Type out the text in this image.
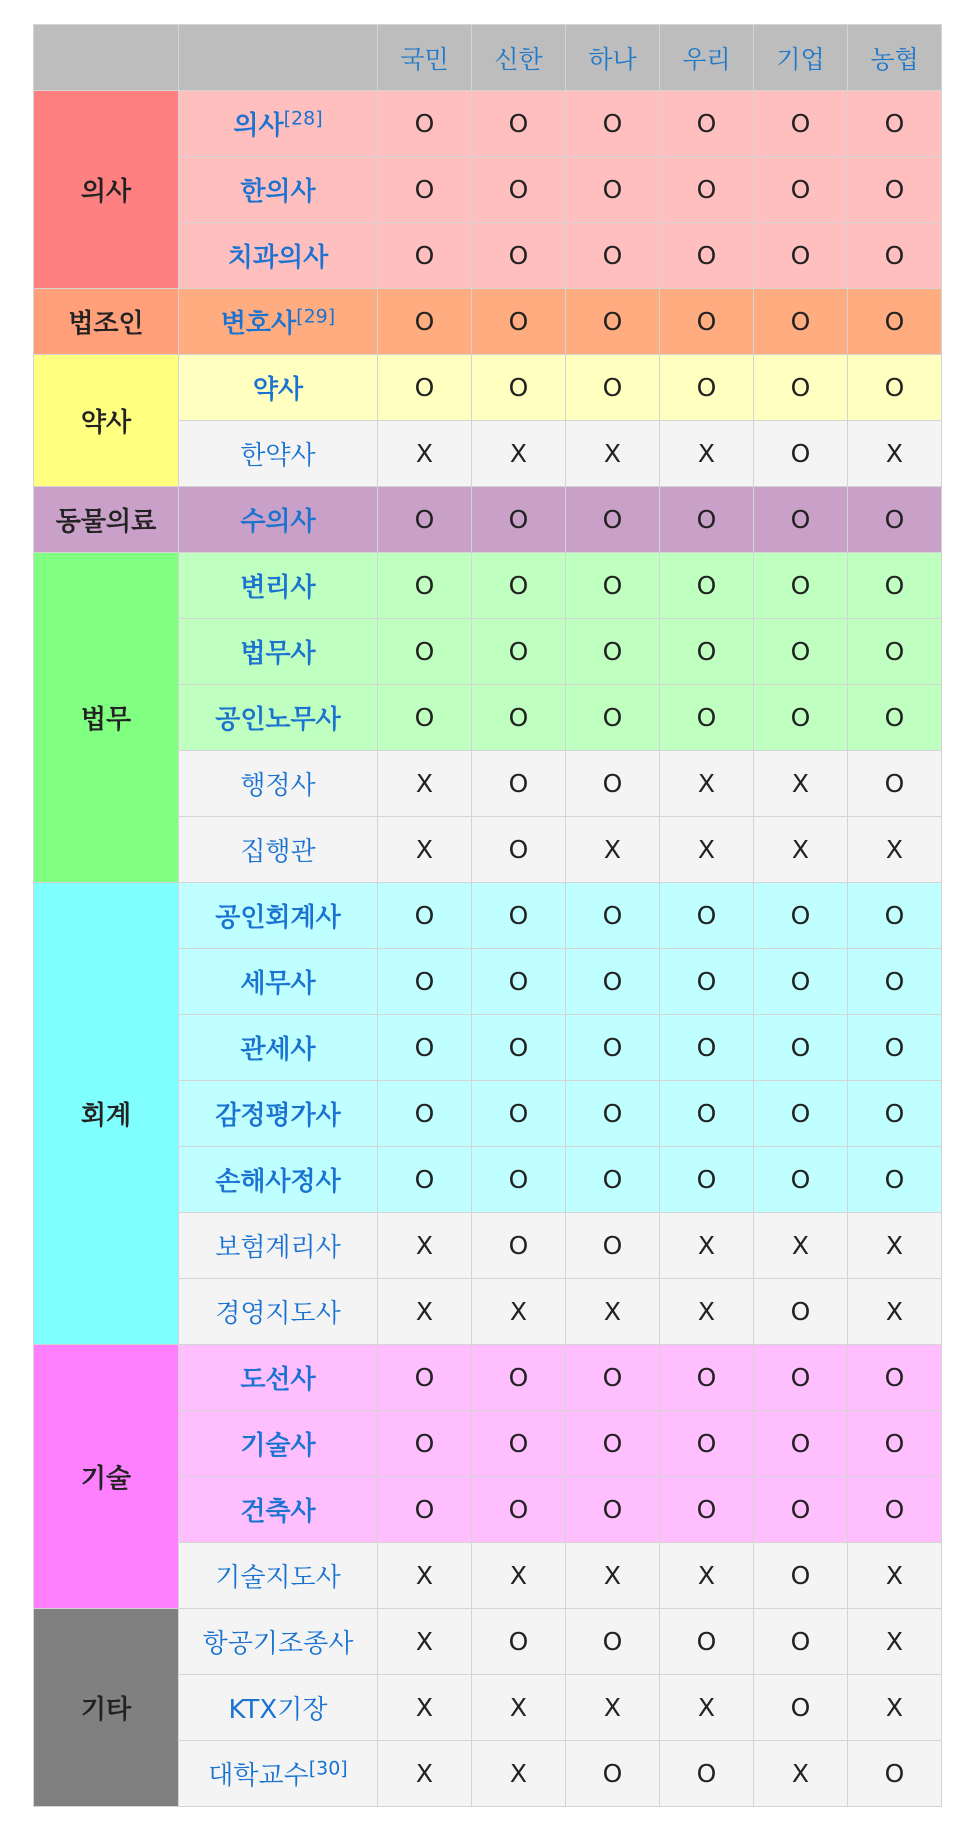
		국민	신한	하나	우리	기업	농협
의사	의사[28]	O	O	O	O	O	O
	한의사	O	O	O	O	O	O
	치과의사	O	O	O	O	O	O
법조인	변호사[29]	O	O	O	O	O	O
약사	약사	O	O	O	O	O	O
	한약사	X	X	X	X	O	X
동물의료	수의사	O	O	O	O	O	O
법무	변리사	O	O	O	O	O	O
	법무사	O	O	O	O	O	O
	공인노무사	O	O	O	O	O	O
	행정사	X	O	O	X	X	O
	집행관	X	O	X	X	X	X
회계	공인회계사	O	O	O	O	O	O
	세무사	O	O	O	O	O	O
	관세사	O	O	O	O	O	O
	감정평가사	O	O	O	O	O	O
	손해사정사	O	O	O	O	O	O
	보험계리사	X	O	O	X	X	X
	경영지도사	X	X	X	X	O	X
기술	도선사	O	O	O	O	O	O
	기술사	O	O	O	O	O	O
	건축사	O	O	O	O	O	O
	기술지도사	X	X	X	X	O	X
기타	항공기조종사	X	O	O	O	O	X
	KTX기장	X	X	X	X	O	X
	대학교수[30]	X	X	O	O	X	O
